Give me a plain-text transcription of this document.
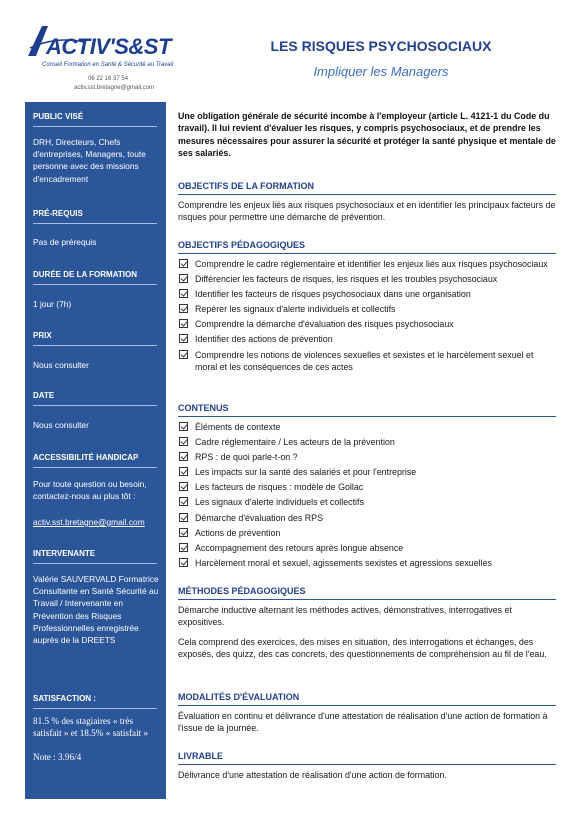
ACTIV'S&ST
Conseil Formation en Santé & Sécurité au Travail
06 22 16 37 54
activ.sst.bretagne@gmail.com
LES RISQUES PSYCHOSOCIAUX
Impliquer les Managers
PUBLIC VISÉ
DRH, Directeurs, Chefs d'entreprises, Managers, toute personne avec des missions d'encadrement
PRÉ-REQUIS
Pas de prérequis
DURÉE DE LA FORMATION
1 jour (7h)
PRIX
Nous consulter
DATE
Nous consulter
ACCESSIBILITÉ HANDICAP
Pour toute question ou besoin, contactez-nous au plus tôt :
activ.sst.bretagne@gmail.com
INTERVENANTE
Valérie SAUVERVALD Formatrice Consultante en Santé Sécurité au Travail / Intervenante en Prévention des Risques Professionnelles enregistrée auprès de la DREETS
SATISFACTION :
81.5 % des stagiaires « très satisfait » et 18.5% « satisfait »
Note : 3.96/4
Une obligation générale de sécurité incombe à l'employeur (article L. 4121-1 du Code du travail). Il lui revient d'évaluer les risques, y compris psychosociaux, et de prendre les mesures nécessaires pour assurer la sécurité et protéger la santé physique et mentale de ses salariés.
OBJECTIFS DE LA FORMATION
Comprendre les enjeux liés aux risques psychosociaux et en identifier les principaux facteurs de risques pour permettre une démarche de prévention.
OBJECTIFS PÉDAGOGIQUES
Comprendre le cadre réglementaire et identifier les enjeux liés aux risques psychosociaux
Différencier les facteurs de risques, les risques et les troubles psychosociaux
Identifier les facteurs de risques psychosociaux dans une organisation
Repérer les signaux d'alerte individuels et collectifs
Comprendre la démarche d'évaluation des risques psychosociaux
Identifier des actions de prévention
Comprendre les notions de violences sexuelles et sexistes et le harcèlement sexuel et moral et les conséquences de ces actes
CONTENUS
Éléments de contexte
Cadre réglementaire / Les acteurs de la prévention
RPS : de quoi parle-t-on ?
Les impacts sur la santé des salariés et pour l'entreprise
Les facteurs de risques : modèle de Gollac
Les signaux d'alerte individuels et collectifs
Démarche d'évaluation des RPS
Actions de prévention
Accompagnement des retours après longue absence
Harcèlement moral et sexuel, agissements sexistes et agressions sexuelles
MÉTHODES PÉDAGOGIQUES
Démarche inductive alternant les méthodes actives, démonstratives, interrogatives et expositives.
Cela comprend des exercices, des mises en situation, des interrogations et échanges, des exposés, des quizz, des cas concrets, des questionnements de compréhension au fil de l'eau.
MODALITÉS D'ÉVALUATION
Évaluation en continu et délivrance d'une attestation de réalisation d'une action de formation à l'issue de la journée.
LIVRABLE
Délivrance d'une attestation de réalisation d'une action de formation.
